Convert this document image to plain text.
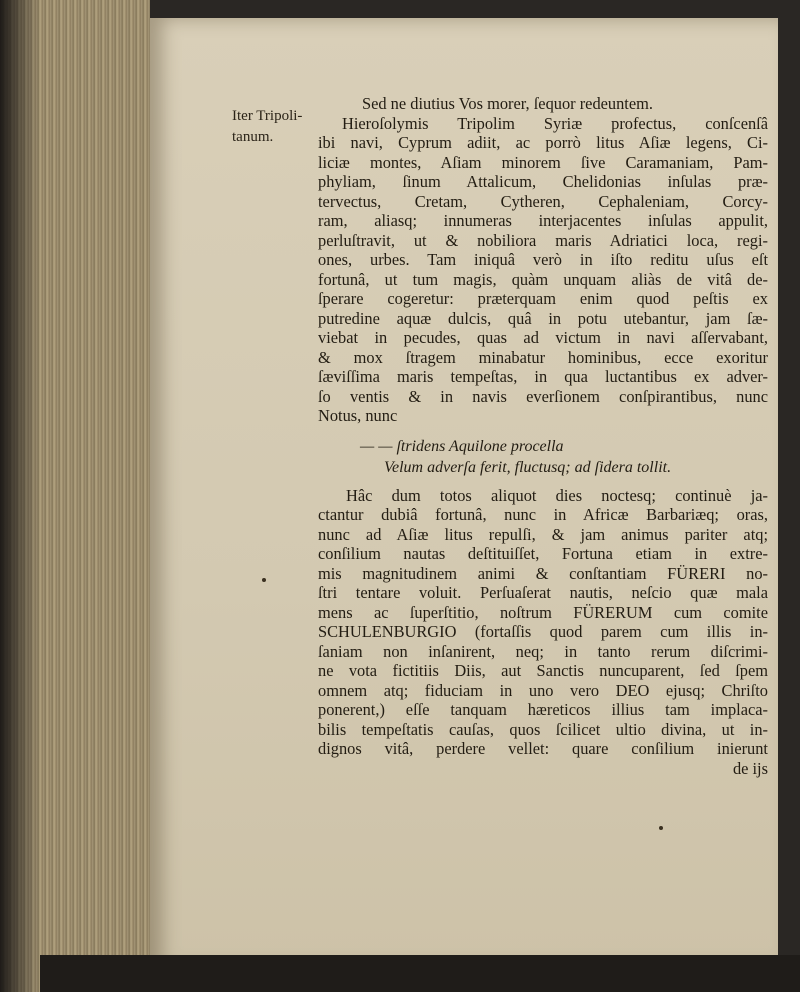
Iter Tripoli-
tanum.
Sed ne diutius Vos morer, ſequor redeuntem.
Hieroſolymis Tripolim Syriæ profectus, conſcenſâ
ibi navi, Cyprum adiit, ac porrò litus Aſiæ legens, Ci-
liciæ montes, Aſiam minorem ſive Caramaniam, Pam-
phyliam, ſinum Attalicum, Chelidonias inſulas præ-
tervectus, Cretam, Cytheren, Cephaleniam, Corcy-
ram, aliasq; innumeras interjacentes inſulas appulit,
perluſtravit, ut & nobiliora maris Adriatici loca, regi-
ones, urbes. Tam iniquâ verò in iſto reditu uſus eſt
fortunâ, ut tum magis, quàm unquam aliàs de vitâ de-
ſperare cogeretur: præterquam enim quod peſtis ex
putredine aquæ dulcis, quâ in potu utebantur, jam ſæ-
viebat in pecudes, quas ad victum in navi aſſervabant,
& mox ſtragem minabatur hominibus, ecce exoritur
ſæviſſima maris tempeſtas, in qua luctantibus ex adver-
ſo ventis & in navis everſionem conſpirantibus, nunc
Notus, nunc
— — ſtridens Aquilone procella
Velum adverſa ferit, fluctusq; ad ſidera tollit.
Hâc dum totos aliquot dies noctesq; continuè ja-
ctantur dubiâ fortunâ, nunc in Africæ Barbariæq; oras,
nunc ad Aſiæ litus repulſi, & jam animus pariter atq;
conſilium nautas deſtituiſſet, Fortuna etiam in extre-
mis magnitudinem animi & conſtantiam FÜRERI no-
ſtri tentare voluit. Perſuaſerat nautis, neſcio quæ mala
mens ac ſuperſtitio, noſtrum FÜRERUM cum comite
SCHULENBURGIO (fortaſſis quod parem cum illis in-
ſaniam non inſanirent, neq; in tanto rerum diſcrimi-
ne vota fictitiis Diis, aut Sanctis nuncuparent, ſed ſpem
omnem atq; fiduciam in uno vero DEO ejusq; Chriſto
ponerent,) eſſe tanquam hæreticos illius tam implaca-
bilis tempeſtatis cauſas, quos ſcilicet ultio divina, ut in-
dignos vitâ, perdere vellet: quare conſilium inierunt
de ijs
